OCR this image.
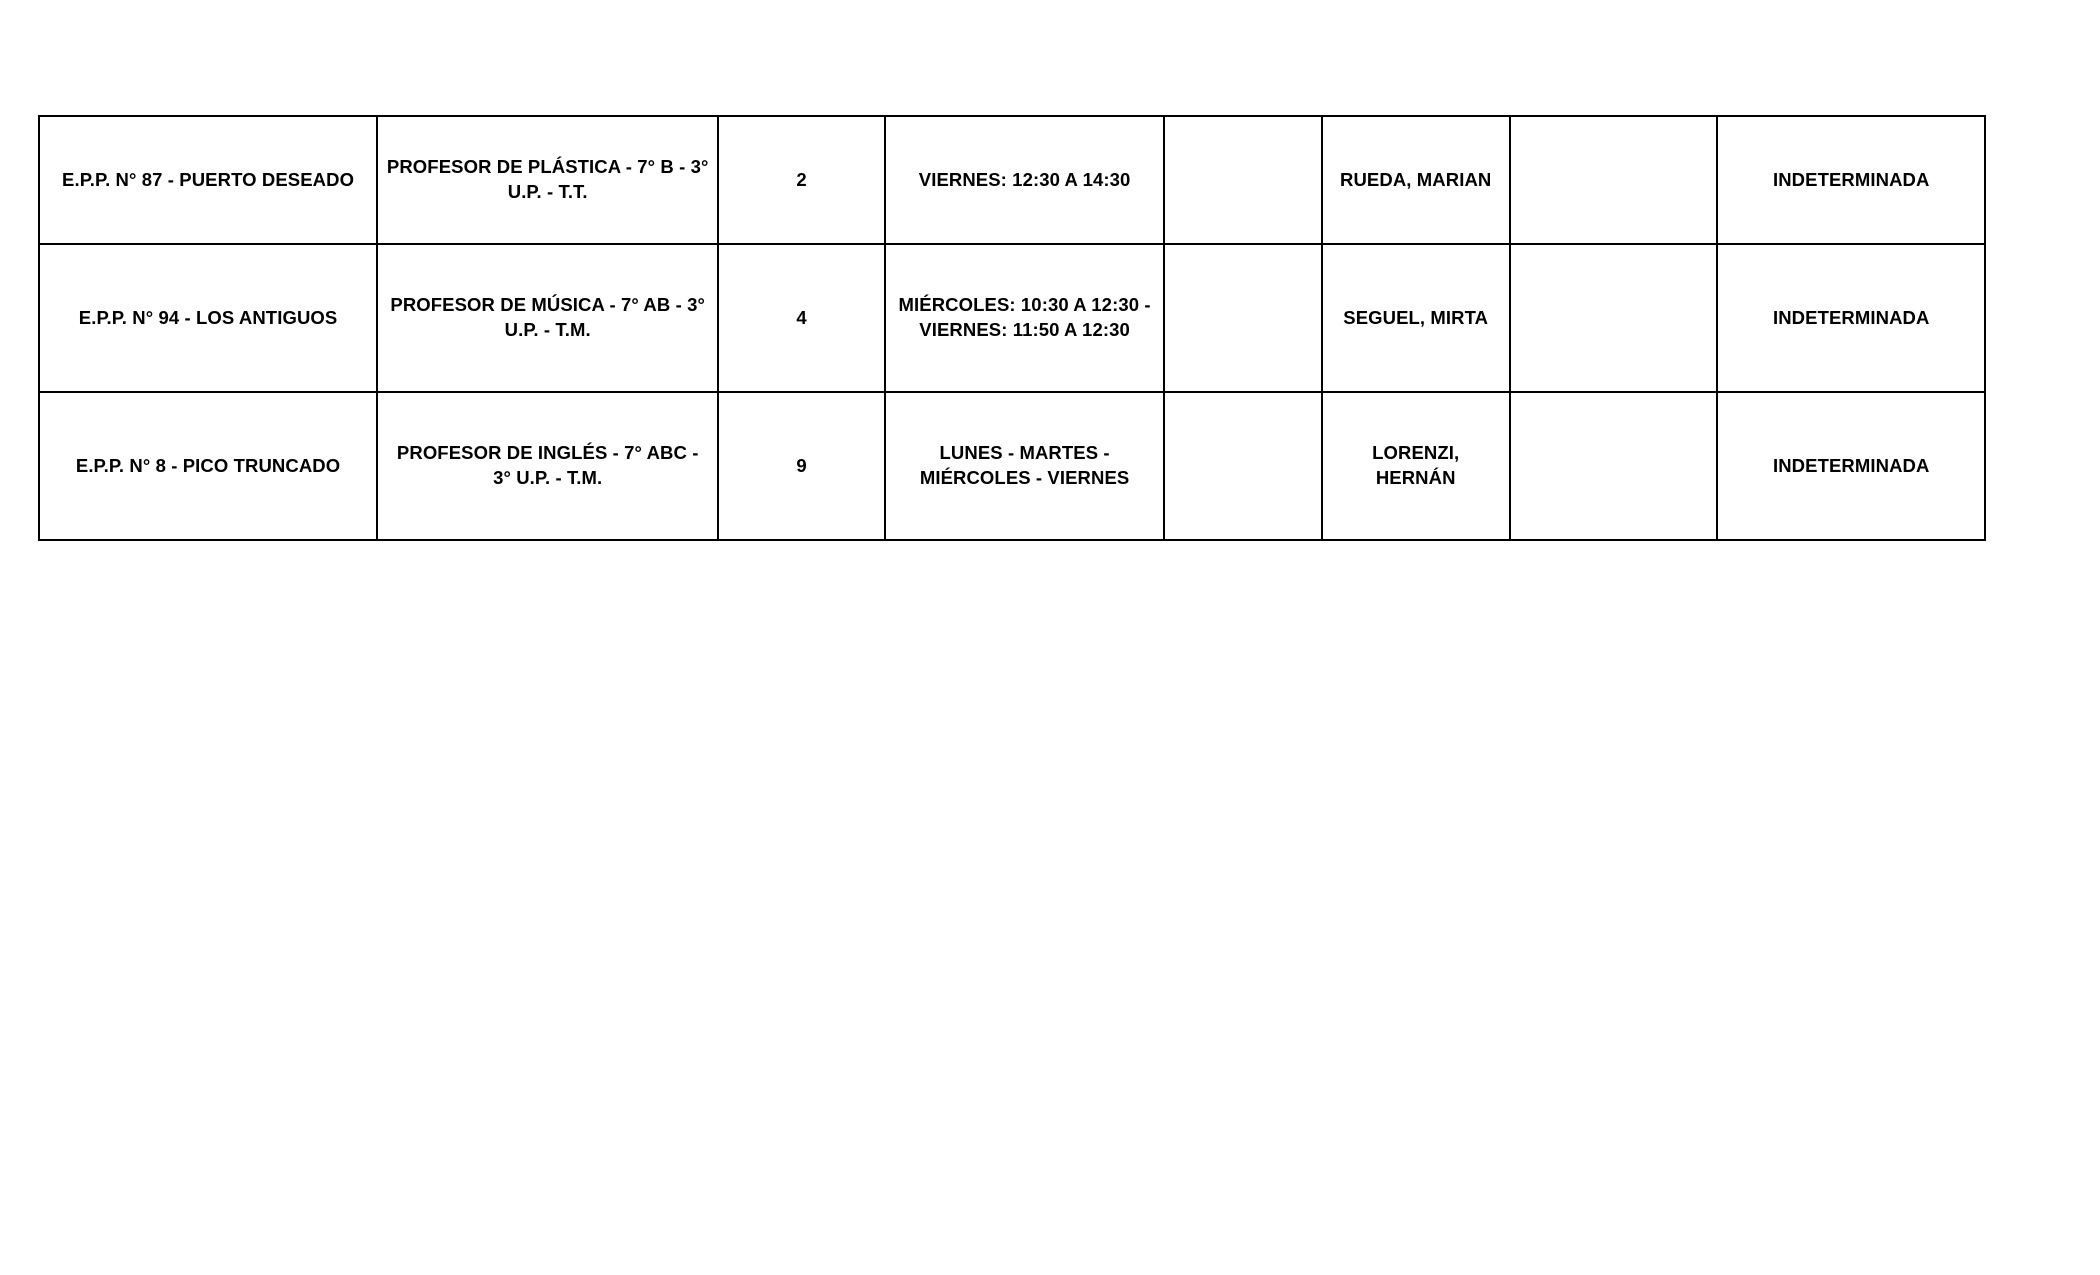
E.P.P. N° 87 - PUERTO DESEADO	PROFESOR DE PLÁSTICA - 7° B - 3° U.P. - T.T.	2	VIERNES: 12:30 A 14:30		RUEDA, MARIAN		INDETERMINADA
E.P.P. N° 94 - LOS ANTIGUOS	PROFESOR DE MÚSICA - 7° AB - 3° U.P. - T.M.	4	MIÉRCOLES: 10:30 A 12:30 - VIERNES: 11:50 A 12:30		SEGUEL, MIRTA		INDETERMINADA
E.P.P. N° 8 - PICO TRUNCADO	PROFESOR DE INGLÉS - 7° ABC - 3° U.P. - T.M.	9	LUNES - MARTES - MIÉRCOLES - VIERNES		LORENZI, HERNÁN		INDETERMINADA
